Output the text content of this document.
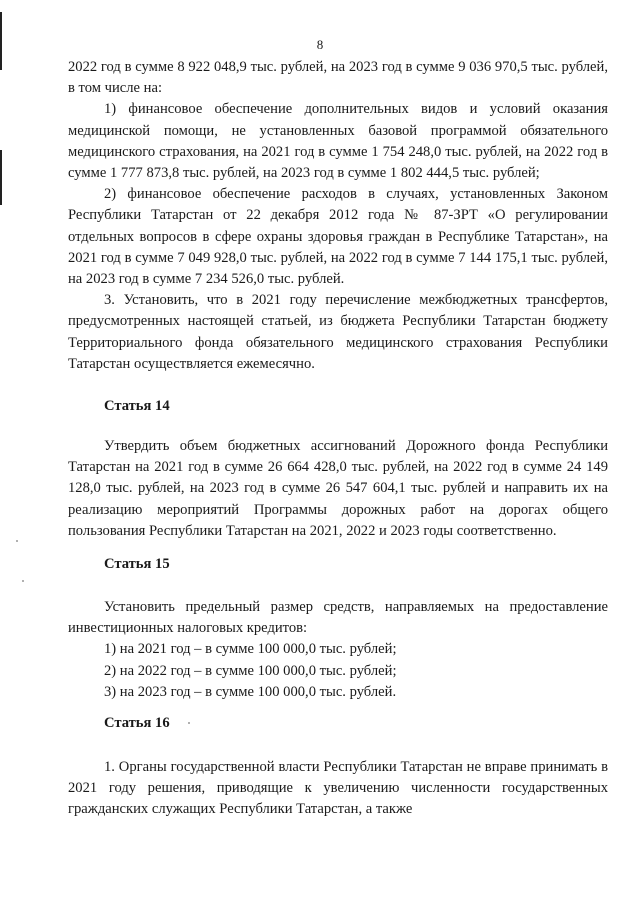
8

2022 год в сумме 8 922 048,9 тыс. рублей, на 2023 год в сумме 9 036 970,5 тыс. рублей, в том числе на:

1) финансовое обеспечение дополнительных видов и условий оказания медицинской помощи, не установленных базовой программой обязательного медицинского страхования, на 2021 год в сумме 1 754 248,0 тыс. рублей, на 2022 год в сумме 1 777 873,8 тыс. рублей, на 2023 год в сумме 1 802 444,5 тыс. рублей;

2) финансовое обеспечение расходов в случаях, установленных Законом Республики Татарстан от 22 декабря 2012 года № 87-ЗРТ «О регулировании отдельных вопросов в сфере охраны здоровья граждан в Республике Татарстан», на 2021 год в сумме 7 049 928,0 тыс. рублей, на 2022 год в сумме 7 144 175,1 тыс. рублей, на 2023 год в сумме 7 234 526,0 тыс. рублей.

3. Установить, что в 2021 году перечисление межбюджетных трансфертов, предусмотренных настоящей статьей, из бюджета Республики Татарстан бюджету Территориального фонда обязательного медицинского страхования Республики Татарстан осуществляется ежемесячно.

Статья 14

Утвердить объем бюджетных ассигнований Дорожного фонда Республики Татарстан на 2021 год в сумме 26 664 428,0 тыс. рублей, на 2022 год в сумме 24 149 128,0 тыс. рублей, на 2023 год в сумме 26 547 604,1 тыс. рублей и направить их на реализацию мероприятий Программы дорожных работ на дорогах общего пользования Республики Татарстан на 2021, 2022 и 2023 годы соответственно.

Статья 15

Установить предельный размер средств, направляемых на предоставление инвестиционных налоговых кредитов:

1) на 2021 год – в сумме 100 000,0 тыс. рублей;

2) на 2022 год – в сумме 100 000,0 тыс. рублей;

3) на 2023 год – в сумме 100 000,0 тыс. рублей.

Статья 16

1. Органы государственной власти Республики Татарстан не вправе принимать в 2021 году решения, приводящие к увеличению численности государственных гражданских служащих Республики Татарстан, а также
